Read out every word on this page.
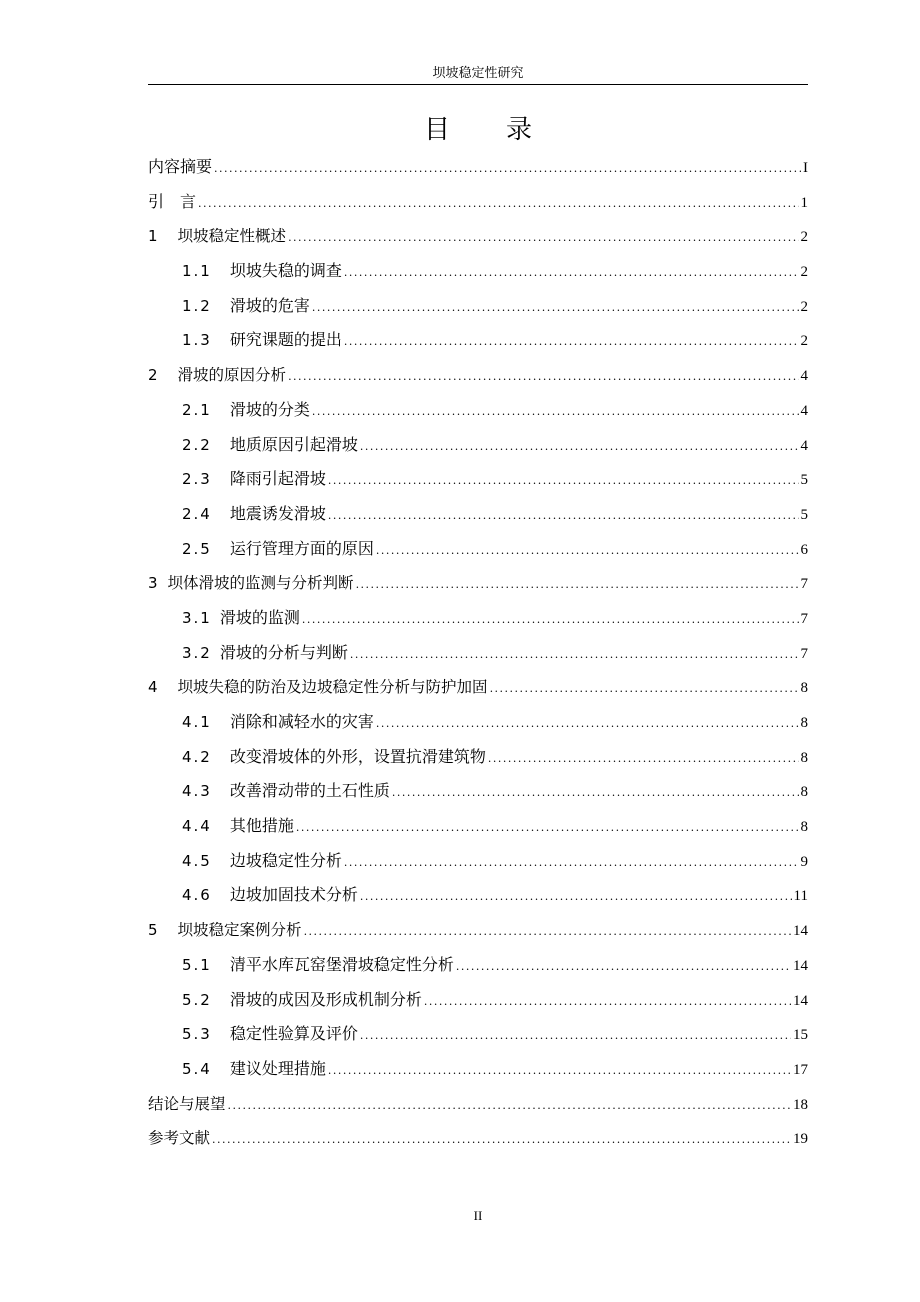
坝坡稳定性研究
目录
内容摘要 .....	I
引　言 .....	1
1 坝坡稳定性概述 .....	2
1.1 坝坡失稳的调查 .....	2
1.2 滑坡的危害 .....	2
1.3 研究课题的提出 .....	2
2 滑坡的原因分析 .....	4
2.1 滑坡的分类 .....	4
2.2 地质原因引起滑坡 .....	4
2.3 降雨引起滑坡 .....	5
2.4 地震诱发滑坡 .....	5
2.5 运行管理方面的原因 .....	6
3 坝体滑坡的监测与分析判断 .....	7
3.1 滑坡的监测 .....	7
3.2 滑坡的分析与判断 .....	7
4 坝坡失稳的防治及边坡稳定性分析与防护加固 .....	8
4.1 消除和减轻水的灾害 .....	8
4.2 改变滑坡体的外形，设置抗滑建筑物 .....	8
4.3 改善滑动带的土石性质 .....	8
4.4 其他措施 .....	8
4.5 边坡稳定性分析 .....	9
4.6 边坡加固技术分析 .....	11
5 坝坡稳定案例分析 .....	14
5.1 清平水库瓦窑堡滑坡稳定性分析 .....	14
5.2 滑坡的成因及形成机制分析 .....	14
5.3 稳定性验算及评价 .....	15
5.4 建议处理措施 .....	17
结论与展望 .....	18
参考文献 .....	19
II
